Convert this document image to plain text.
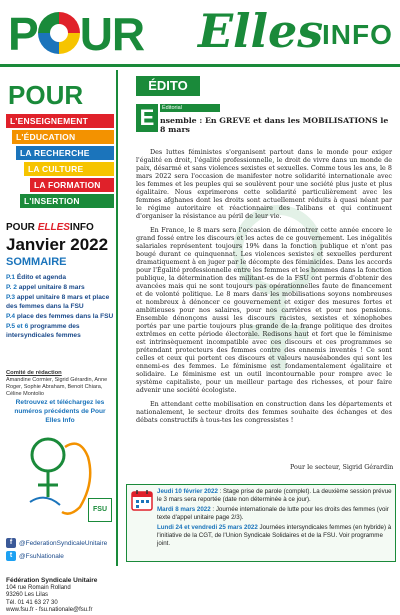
P UR Elles
INFO
POUR
L'ENSEIGNEMENT
L'ÉDUCATION
LA RECHERCHE
LA CULTURE
LA FORMATION
L'INSERTION
POUR ELLESINFO
Janvier 2022
SOMMAIRE
P.1 Édito et agenda
P. 2 appel unitaire 8 mars
P.3 appel unitaire 8 mars et place des femmes dans la FSU
P.4 place des femmes dans la FSU
P.5 et 6 programme des intersyndicales femmes
Comité de rédaction
Amandine Cormier, Sigrid Gérardin, Anne Roger, Sophie Abraham, Benoit Chiara, Céline Montolio
Retrouvez et téléchargez les numéros précédents de Pour Elles Info
FSU
f	@FederationSyndicaleUnitaire
t	@FsuNationale
Fédération Syndicale Unitaire
104 rue Romain Rolland
93260 Les Lilas
Tél. 01 41 63 27 30
www.fsu.fr - fsu.nationale@fsu.fr
ÉDITO
E	Éditorial
nsemble : En GREVE et dans les MOBILISATIONS le 8 mars

Des luttes féministes s'organisent partout dans le monde pour exiger l'égalité en droit, l'égalité professionnelle, le droit de vivre dans un monde de paix, désarmé et sans violences sexistes et sexuelles. Comme tous les ans, le 8 mars 2022 sera l'occasion de manifester notre solidarité internationale avec les femmes et les peuples qui se soulèvent pour une société plus juste et plus égalitaire. Nous exprimerons cette solidarité particulièrement avec les femmes afghanes dont les droits sont actuellement réduits à quasi néant par le régime autoritaire et réactionnaire des Talibans et qui continuent d'organiser la résistance au péril de leur vie.

En France, le 8 mars sera l'occasion de démontrer cette année encore le grand fossé entre les discours et les actes de ce gouvernement. Les inégalités salariales représentent toujours 19% dans la fonction publique et n'ont pas bougé durant ce quinquennat. Les violences sexistes et sexuelles perdurent dramatiquement à en juger par le décompte des féminicides. Dans les accords pour l'Égalité professionnelle entre les femmes et les hommes dans la fonction publique, la détermination des militant-es de la FSU ont permis d'obtenir des avancées mais qui ne sont toujours pas opérationnelles faute de financement et de volonté politique. Le 8 mars dans les mobilisations soyons nombreuses et nombreux à dénoncer ce gouvernement et exiger des mesures fortes et ambitieuses pour nos salaires, pour nos carrières et pour nos pensions. Ensemble dénonçons aussi les discours racistes, sexistes et xénophobes portés par une partie toujours plus grande de la frange politique des droites extrêmes en cette période électorale. Redisons haut et fort que le féminisme est intrinsèquement incompatible avec ces discours et ces programmes se prétendant protecteurs des femmes contre des ennemis inventés ! Ce sont celles et ceux qui portent ces discours et valeurs nauséabondes qui sont les ennemi-es des femmes. Le féminisme est fondamentalement égalitaire et solidaire. Le féminisme est un outil incontournable pour rompre avec le système capitaliste, pour un meilleur partage des richesses, et pour faire advenir une société écologiste.

En attendant cette mobilisation en construction dans les départements et nationalement, le secteur droits des femmes souhaite des échanges et des débats constructifs à tous-tes les congressistes !

Pour le secteur, Sigrid Gérardin
Jeudi 10 février 2022 : Stage prise de parole (complet). La deuxième session prévue le 3 mars sera reportée (date non déterminée à ce jour).
Mardi 8 mars 2022 : Journée internationale de lutte pour les droits des femmes (voir texte d'appel unitaire page 2/3).
Lundi 24 et vendredi 25 mars 2022 Journées intersyndicales femmes (en hybride) à l'initiative de la CGT, de l'Union Syndicale Solidaires et de la FSU. Voir programme joint.
